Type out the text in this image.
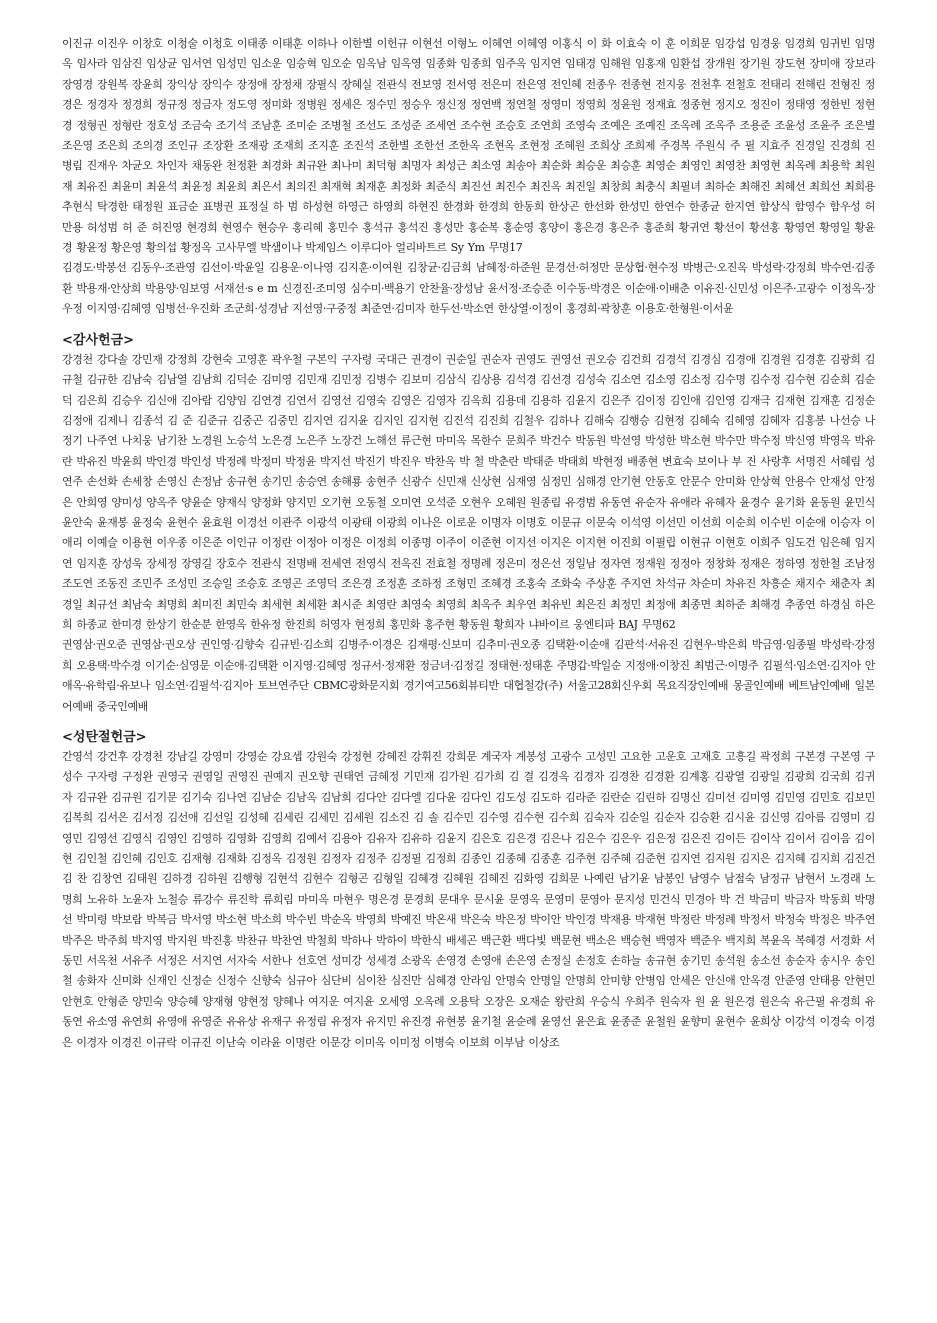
이진규 이진우 이창호 이청술 이청호 이태종 이태훈 이하나 이한별 이헌규 이현선 이형노 이혜연 이혜영 이홍식 이 화 이효숙 이 훈 이희문 임강섭 임경웅 임경희 임귀빈 임명옥 임사라 임삼진 임상균 임서연 임성민 임소운 임승혁 임오순 임옥남 임옥영 임종화 임종희 임주옥 임지연 임태경 임해원 임홍재 임환섭 장개원 장기원 장도현 장미애 장보라 장영경 장원복 장윤희 장익상 장익수 장정애 장정채 장필식 장혜실 전관식 전보영 전서영 전은미 전은영 전인혜 전종우 전종현 전지웅 전천후 전철호 전태리 전해린 전형진 정경은 정경자 정경희 정규정 정금자 정도영 정미화 정병원 정세은 정수민 정승우 정신정 정연백 정연철 정영미 정영희 정윤원 정재효 정종현 정지오 정진이 정태영 정한빈 정현경 정형권 정형란 정호성 조금숙 조기석 조남훈 조미순 조병철 조선도 조성준 조세연 조수현 조승호 조연희 조영숙 조예은 조예진 조옥례 조옥주 조용준 조윤성 조윤주 조은별 조은영 조은희 조의경 조인규 조장환 조재광 조재희 조지훈 조진석 조한별 조한선 조한옥 조현옥 조현정 조혜원 조희상 조희제 주경복 주원식 주 필 지효주 진경일 진경희 진병림 진재우 차균오 차인자 채동완 천정환 최경화 최규완 최나미 최덕형 최명자 최성근 최소영 최송아 최순화 최승운 최승훈 최영순 최영인 최영찬 최영현 최옥례 최용학 최원재 최유진 최윤미 최윤석 최윤정 최윤희 최은서 최의진 최재혁 최재훈 최정화 최준식 최진선 최진수 최진옥 최진일 최창희 최충식 최필녀 최하순 최해진 최혜선 최희선 최희용 추현식 탁경한 태정원 표금순 표병권 표정실 하 범 하성현 하영근 하영희 하현진 한경화 한경희 한동희 한상곤 한선화 한성민 한연수 한종균 한지연 함상식 함영수 함우성 허만용 허성범 허 준 허진영 현경희 현영수 현승우 홍리혜 홍민수 홍석규 홍석진 홍성만 홍순복 홍순영 홍양이 홍은경 홍은주 홍준희 황귀연 황선이 황선홍 황영연 황영일 황윤경 황윤정 황은영 황의섭 황정옥 고사무엘 박샘이나 박제임스 이루디아 얼리바트르 Sy Ym 무명17

김경도·박봉선 김동우·조관영 김선이·박윤일 김용운·이나영 김지훈·이여원 김창균·김금희 남혜정·하준원 문경선·허정만 문상협·현수정 박병근·오진옥 박성락·강정희 박수연·김종환 박용재·안상희 박용양·임보영 서재선·s e m 신경진·조미영 심수미·백용기 안찬율·장성남 윤서정·조승준 이수동·박경은 이순애·이배춘 이유진·신민성 이은주·고광수 이정옥·장우정 이지영·김혜영 임병선·우진화 조군희·성경남 지선영·구중정 최준연·김미자 한두선·박소연 한상열·이정이 홍경희·곽창훈 이용호·한형원·이서윤

<감사헌금>

강경천 강다솔 강민재 강정희 강현숙 고영훈 곽우철 구본익 구자령 국대근 권경이 권순일 권순자 권영도 권영선 권오승 김건희 김경석 김경심 김경애 김경원 김경훈 김광희 김규철 김규한 김남숙 김남열 김남희 김덕순 김미영 김민재 김민정 김병수 김보미 김삼식 김상용 김석경 김선경 김성숙 김소연 김소영 김소정 김수명 김수정 김수현 김순희 김순덕 김은희 김승우 김신애 김아람 김양임 김연경 김연서 김영선 김영숙 김영은 김영자 김옥희 김용데 김용하 김윤지 김은주 김이정 김인애 김인영 김재극 김재현 김재훈 김정순 김정애 김제니 김종석 김 준 김준규 김중곤 김중민 김지연 김지윤 김지인 김지현 김진석 김진희 김철우 김하나 김해숙 김행승 김현정 김혜숙 김혜영 김혜자 김홍봉 나선승 나정기 나주연 나치웅 남기찬 노경원 노승석 노은경 노은주 노장건 노해선 류근현 마미옥 목한수 문희주 박건수 박동원 박선영 박성한 박소현 박수만 박수정 박신영 박영옥 박유란 박유진 박윤희 박인경 박인성 박정례 박정미 박정윤 박지선 박진기 박진우 박찬옥 박 철 박춘란 박태준 박태희 박현정 배종현 변효숙 보이나 부 진 사랑후 서명진 서혜림 성연주 손선화 손세창 손영신 손정남 송규현 송기민 송승연 송해룡 송현주 신광수 신민재 신상현 심재영 심정민 심해경 안기현 안동호 안문수 안미화 안상혁 안용수 안재성 안정은 안희영 양미성 양옥주 양윤순 양재식 양정화 양지민 오기현 오동철 오미연 오석준 오현우 오혜원 원종림 유경범 유동연 유순자 유애라 유혜자 윤경수 윤기화 윤동원 윤민식 윤안숙 윤재봉 윤정숙 윤현수 윤효원 이경선 이관주 이광석 이광태 이광희 이나은 이로운 이명자 이명호 이문규 이문숙 이석영 이선민 이선희 이순희 이수빈 이순애 이승자 이애리 이예슬 이용현 이우종 이은준 이인규 이정란 이정아 이정은 이정희 이종명 이주이 이준현 이지선 이지은 이지현 이진희 이필립 이현규 이현호 이희주 임도건 임은혜 임지연 임지훈 장성욱 장세정 장영길 장호수 전관식 전명배 전세연 전영식 전옥진 전효철 정명례 정은미 정은선 정일남 정자연 정재원 정정아 정창화 정재은 정하영 정한철 조남정 조도연 조동진 조민주 조성민 조승일 조승호 조영곤 조영덕 조은경 조정훈 조하정 조형민 조혜경 조홍숙 조화숙 주상훈 주지연 차석규 차순미 차유진 차흥순 채지수 채춘자 최경일 최규선 최남숙 최명희 최미진 최민숙 최세현 최세환 최시준 최영란 최영숙 최영희 최옥주 최우연 최유빈 최은진 최정민 최정애 최종면 최하준 최해경 추종연 하경심 하은희 하종교 한미경 한상기 한순분 한영옥 한유정 한진희 허영자 현정희 홍민화 홍주현 황동원 황희자 냐바이르 웅엔티파 BAJ 무명62

권영삼·권오준 권영삼·권오상 권인영·김향숙 김규빈·김소희 김병주·이경은 김재평·신보미 김추미·권오종 김택환·이순애 김판석·서유진 김현우·박은희 박금영·임종필 박성락·강정희 오용택·박수경 이기순·심영문 이순애·김택환 이지영·김혜영 정규서·정재환 정금녀·김정길 정태현·정태훈 주명갑·박일순 지정애·이창진 최범근·이명주 김필석·임소연·김지아 안애옥·유학림·유보나 임소연·김필석·김지아 토브연주단 CBMC광화문지회 경기여고56회뷰티반 대협철강(주) 서울고28회신우회 목요직장인예배 몽골인예배 베트남인예배 일본어예배 중국인예배

<성탄절헌금>

간영석 강건후 강경천 강남길 강영미 강영순 강요셉 강원숙 강정현 강혜진 강휘진 강희문 계국자 계봉성 고광수 고성민 고요한 고운호 고재호 고흥길 곽정희 구본경 구본영 구성수 구자령 구정완 권영국 권영일 권영진 권예지 권오향 권태연 금혜정 기민재 김가원 김가희 김 결 김경옥 김경자 김경찬 김경환 김계홍 김광열 김광일 김광희 김국희 김귀자 김규완 김규원 김기문 김기숙 김나연 김남순 김남옥 김남희 김다안 김다엘 김다윤 김다인 김도성 김도하 김라준 김란순 김린하 김명신 김미선 김미영 김민영 김민호 김보민 김복희 김서은 김서정 김선애 김선일 김성혜 김세린 김세민 김세원 김소진 김 솔 김수민 김수영 김수현 김수희 김숙자 김순일 김순자 김승환 김시윤 김신영 김아름 김영미 김영민 김영선 김영식 김영인 김영하 김영화 김영희 김예서 김용아 김유자 김유하 김윤지 김은호 김은경 김은나 김은수 김은우 김은정 김은진 김이든 김이삭 김이서 김이음 김이현 김인철 김인혜 김인호 김재형 김재화 김정옥 김정원 김정자 김정주 김정필 김정희 김종인 김종혜 김종훈 김주현 김주혜 김준현 김지연 김지원 김지은 김지혜 김지희 김진건 김 찬 김창연 김태원 김하경 김하원 김행형 김현석 김현수 김형곤 김형일 김혜경 김혜원 김혜진 김화영 김희문 나예린 남기윤 남봉인 남영수 남점숙 남정규 남현서 노경래 노명희 노유하 노윤자 노철승 류강수 류진학 류희림 마미옥 마현우 명은경 문경희 문대우 문시윤 문영옥 문영미 문영아 문지성 민건식 민경아 박 건 박금미 박금자 박동희 박명선 박미령 박보람 박복금 박서영 박소현 박소희 박수빈 박순옥 박영희 박예진 박온새 박은숙 박은정 박이안 박인경 박재용 박재현 박정란 박정례 박정서 박정숙 박정은 박주연 박주은 박주희 박지영 박지원 박진홍 박찬규 박찬연 박철희 박하나 박하이 박한식 배세곤 백근환 백다빛 백문현 백소은 백승현 백영자 백준우 백지희 복윤옥 복혜경 서경화 서동민 서옥천 서유주 서정은 서지연 서자숙 서한나 선호연 성미강 성세경 소광옥 손영경 손영애 손은영 손정실 손정호 손하늘 송규현 송기민 송석원 송소선 송순자 송시우 송인철 송화자 신미화 신재인 신정순 신정수 신향숙 심규아 심단비 심이찬 심진만 심혜경 안라임 안명숙 안명일 안명희 안미향 안병임 안세은 안신애 안옥경 안준영 안태용 안현민 안현호 안형준 양민숙 양승혜 양재형 양현정 양혜나 여지운 여지윤 오세영 오옥례 오용탁 오장은 오재순 왕란희 우승식 우희주 원숙자 원 윤 원은경 원은숙 유근필 유경희 유동연 유소영 유연희 유영애 유영준 유유상 유재구 유정림 유정자 유지민 유진경 유현봉 윤기철 윤순례 윤영선 윤은효 윤종준 윤철원 윤향미 윤현수 윤희상 이강석 이경숙 이경은 이경자 이경진 이규락 이규진 이난숙 이라윤 이명란 이문강 이미옥 이미정 이병숙 이보희 이부남 이상조
